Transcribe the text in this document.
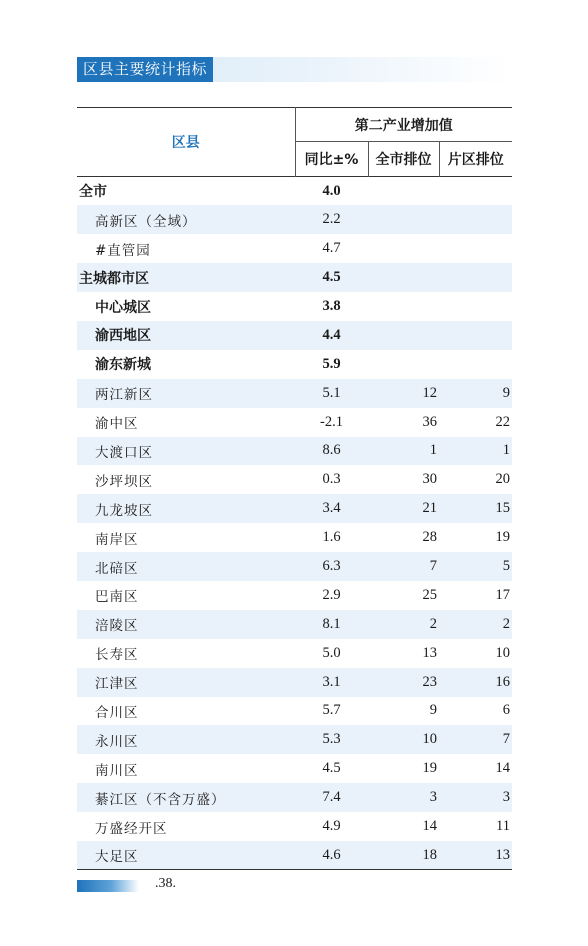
区县主要统计指标
区县	第二产业增加值		
	同比±%	全市排位	片区排位
全市	4.0		
高新区（全域）	2.2		
#直管园	4.7		
主城都市区	4.5		
中心城区	3.8		
渝西地区	4.4		
渝东新城	5.9		
两江新区	5.1	12	9
渝中区	-2.1	36	22
大渡口区	8.6	1	1
沙坪坝区	0.3	30	20
九龙坡区	3.4	21	15
南岸区	1.6	28	19
北碚区	6.3	7	5
巴南区	2.9	25	17
涪陵区	8.1	2	2
长寿区	5.0	13	10
江津区	3.1	23	16
合川区	5.7	9	6
永川区	5.3	10	7
南川区	4.5	19	14
綦江区（不含万盛）	7.4	3	3
万盛经开区	4.9	14	11
大足区	4.6	18	13
.38.
